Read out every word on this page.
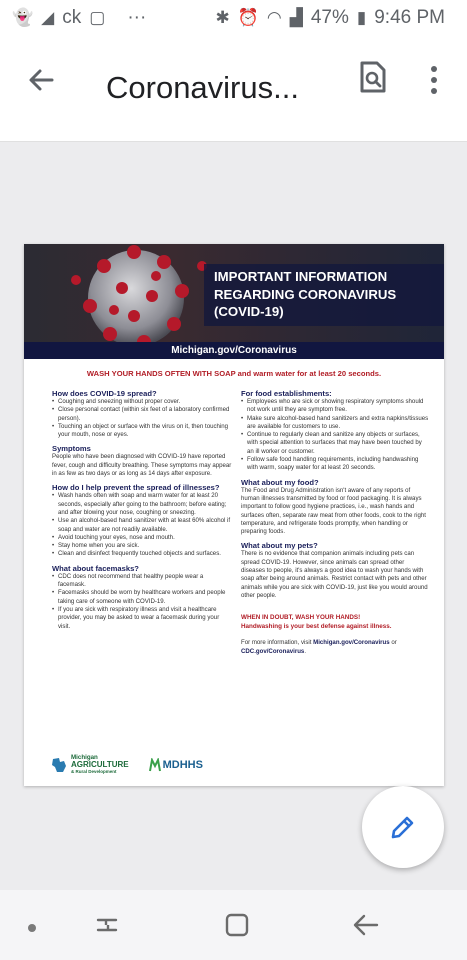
👻 ◢ ck ▢ ···	✱ ⏰ ◠ ▟ 47% ▮ 9:46 PM
Coronavirus...
IMPORTANT INFORMATION REGARDING CORONAVIRUS (COVID-19)
Michigan.gov/Coronavirus
WASH YOUR HANDS OFTEN WITH SOAP and warm water for at least 20 seconds.
How does COVID-19 spread?
• Coughing and sneezing without proper cover.
• Close personal contact (within six feet of a laboratory confirmed person).
• Touching an object or surface with the virus on it, then touching your mouth, nose or eyes.
Symptoms
People who have been diagnosed with COVID-19 have reported fever, cough and difficulty breathing. These symptoms may appear in as few as two days or as long as 14 days after exposure.
How do I help prevent the spread of illnesses?
• Wash hands often with soap and warm water for at least 20 seconds, especially after going to the bathroom; before eating; and after blowing your nose, coughing or sneezing.
• Use an alcohol-based hand sanitizer with at least 60% alcohol if soap and water are not readily available.
• Avoid touching your eyes, nose and mouth.
• Stay home when you are sick.
• Clean and disinfect frequently touched objects and surfaces.
What about facemasks?
• CDC does not recommend that healthy people wear a facemask.
• Facemasks should be worn by healthcare workers and people taking care of someone with COVID-19.
• If you are sick with respiratory illness and visit a healthcare provider, you may be asked to wear a facemask during your visit.
For food establishments:
• Employees who are sick or showing respiratory symptoms should not work until they are symptom free.
• Make sure alcohol-based hand sanitizers and extra napkins/tissues are available for customers to use.
• Continue to regularly clean and sanitize any objects or surfaces, with special attention to surfaces that may have been touched by an ill worker or customer.
• Follow safe food handling requirements, including handwashing with warm, soapy water for at least 20 seconds.
What about my food?
The Food and Drug Administration isn't aware of any reports of human illnesses transmitted by food or food packaging. It is always important to follow good hygiene practices, i.e., wash hands and surfaces often, separate raw meat from other foods, cook to the right temperature, and refrigerate foods promptly, when handling or preparing foods.
What about my pets?
There is no evidence that companion animals including pets can spread COVID-19. However, since animals can spread other diseases to people, it's always a good idea to wash your hands with soap after being around animals. Restrict contact with pets and other animals while you are sick with COVID-19, just like you would around other people.
WHEN IN DOUBT, WASH YOUR HANDS!
Handwashing is your best defense against illness.
For more information, visit Michigan.gov/Coronavirus or CDC.gov/Coronavirus.
Michigan
AGRICULTURE
& Rural Development
MDHHS
